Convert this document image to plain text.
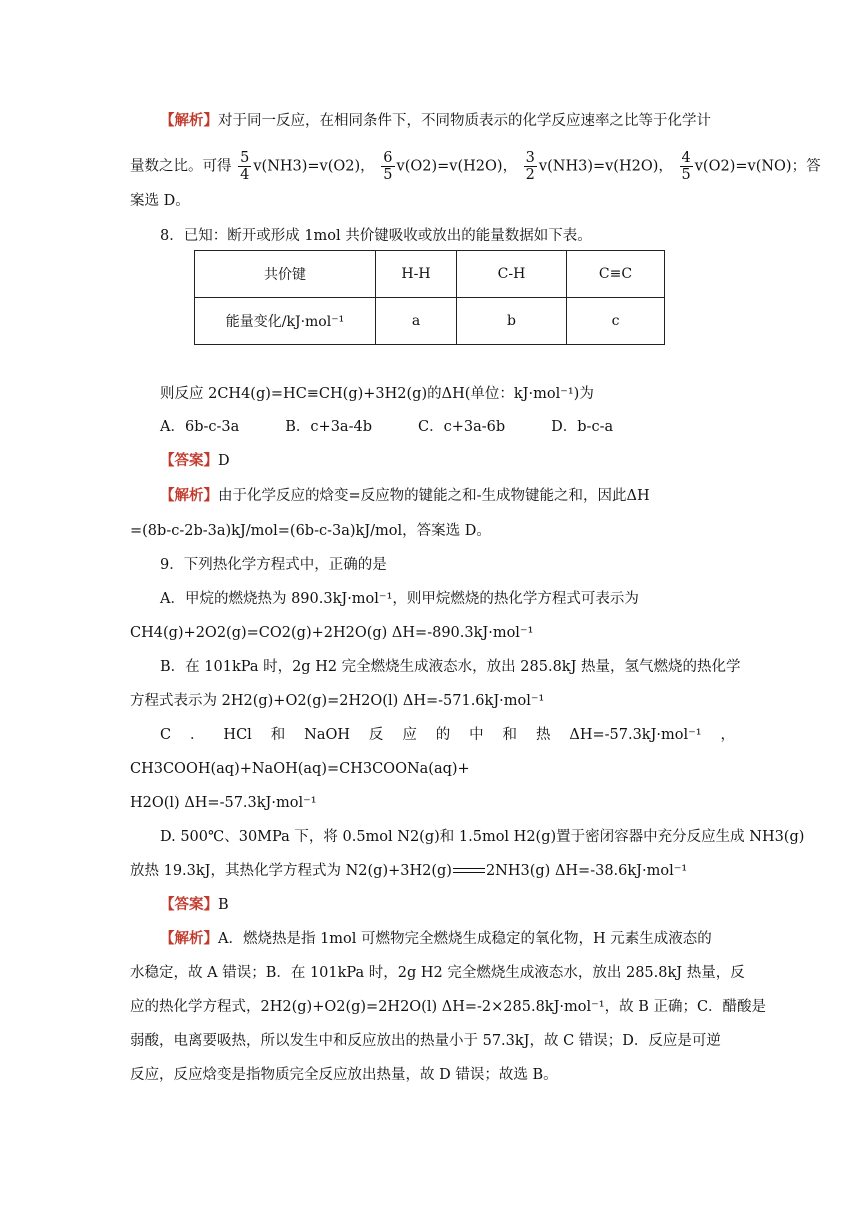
【解析】对于同一反应，在相同条件下，不同物质表示的化学反应速率之比等于化学计
量数之比。可得 $\frac{5}{4} v(NH3)=v(O2)$， $\frac{6}{5} v(O2)=v(H2O)$， $\frac{3}{2} v(NH3)=v(H2O)$， $\frac{4}{5} v(O2)=v(NO)$；答
案选 D。
8．已知：断开或形成 1mol 共价键吸收或放出的能量数据如下表。
共价键	H-H	C-H	C≡C
能量变化/kJ·mol⁻¹	a	b	c
则反应 2CH4(g)=HC≡CH(g)+3H2(g)的ΔH(单位：kJ·mol⁻¹)为
A．6b-c-3a	B．c+3a-4b	C．c+3a-6b	D．b-c-a
【答案】D
【解析】由于化学反应的焓变=反应物的键能之和-生成物键能之和，因此ΔH
=(8b-c-2b-3a)kJ/mol=(6b-c-3a)kJ/mol，答案选 D。
9．下列热化学方程式中，正确的是
A．甲烷的燃烧热为 890.3kJ·mol⁻¹，则甲烷燃烧的热化学方程式可表示为
CH4(g)+2O2(g)=CO2(g)+2H2O(g) ΔH=-890.3kJ·mol⁻¹
B．在 101kPa 时，2g H2 完全燃烧生成液态水，放出 285.8kJ 热量，氢气燃烧的热化学
方程式表示为 2H2(g)+O2(g)=2H2O(l) ΔH=-571.6kJ·mol⁻¹
C ． HCl 和 NaOH 反 应 的 中 和 热 ΔH=-57.3kJ·mol⁻¹ ，
CH3COOH(aq)+NaOH(aq)=CH3COONa(aq)+
H2O(l) ΔH=-57.3kJ·mol⁻¹
D. 500℃、30MPa 下，将 0.5mol N2(g)和 1.5mol H2(g)置于密闭容器中充分反应生成 NH3(g)
放热 19.3kJ，其热化学方程式为 N2(g)+3H2(g) 2NH3(g) ΔH=-38.6kJ·mol⁻¹
【答案】B
【解析】A．燃烧热是指 1mol 可燃物完全燃烧生成稳定的氧化物，H 元素生成液态的
水稳定，故 A 错误；B．在 101kPa 时，2g H2 完全燃烧生成液态水，放出 285.8kJ 热量，反
应的热化学方程式，2H2(g)+O2(g)=2H2O(l) ΔH=-2×285.8kJ·mol⁻¹，故 B 正确；C．醋酸是
弱酸，电离要吸热，所以发生中和反应放出的热量小于 57.3kJ，故 C 错误；D．反应是可逆
反应，反应焓变是指物质完全反应放出热量，故 D 错误；故选 B。
